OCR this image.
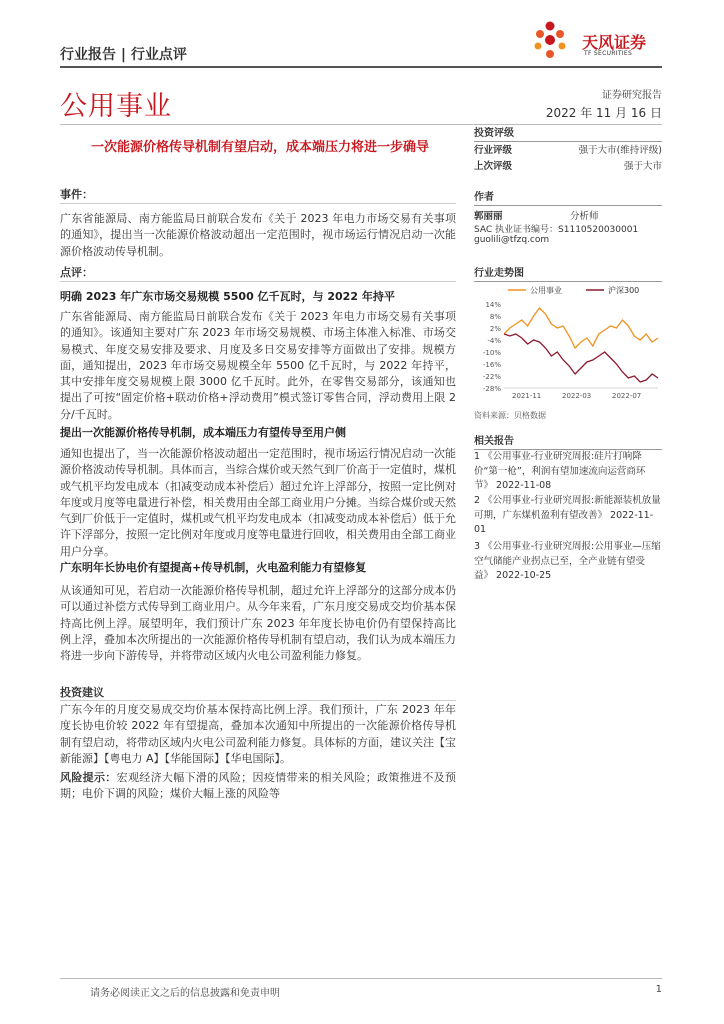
行业报告 | 行业点评
天风证券
TF SECURITIES
公用事业	证券研究报告
2022 年 11 月 16 日
一次能源价格传导机制有望启动，成本端压力将进一步确导
事件：
广东省能源局、南方能监局日前联合发布《关于 2023 年电力市场交易有关事项的通知》，提出当一次能源价格波动超出一定范围时，视市场运行情况启动一次能源价格波动传导机制。
点评：
明确 2023 年广东市场交易规模 5500 亿千瓦时，与 2022 年持平
广东省能源局、南方能监局日前联合发布《关于 2023 年电力市场交易有关事项的通知》。该通知主要对广东 2023 年市场交易规模、市场主体准入标准、市场交易模式、年度交易安排及要求、月度及多日交易安排等方面做出了安排。规模方面，通知提出，2023 年市场交易规模全年 5500 亿千瓦时，与 2022 年持平，其中安排年度交易规模上限 3000 亿千瓦时。此外，在零售交易部分，该通知也提出了可按“固定价格+联动价格+浮动费用”模式签订零售合同，浮动费用上限 2 分/千瓦时。
提出一次能源价格传导机制，成本端压力有望传导至用户侧
通知也提出了，当一次能源价格波动超出一定范围时，视市场运行情况启动一次能源价格波动传导机制。具体而言，当综合煤价或天然气到厂价高于一定值时，煤机或气机平均发电成本（扣减变动成本补偿后）超过允许上浮部分，按照一定比例对年度或月度等电量进行补偿，相关费用由全部工商业用户分摊。当综合煤价或天然气到厂价低于一定值时，煤机或气机平均发电成本（扣减变动成本补偿后）低于允许下浮部分，按照一定比例对年度或月度等电量进行回收，相关费用由全部工商业用户分享。
广东明年长协电价有望提高+传导机制，火电盈利能力有望修复
从该通知可见，若启动一次能源价格传导机制，超过允许上浮部分的这部分成本仍可以通过补偿方式传导到工商业用户。从今年来看，广东月度交易成交均价基本保持高比例上浮。展望明年，我们预计广东 2023 年年度长协电价仍有望保持高比例上浮，叠加本次所提出的一次能源价格传导机制有望启动，我们认为成本端压力将进一步向下游传导，并将带动区域内火电公司盈利能力修复。
投资建议
广东今年的月度交易成交均价基本保持高比例上浮。我们预计，广东 2023 年年度长协电价较 2022 年有望提高，叠加本次通知中所提出的一次能源价格传导机制有望启动，将带动区域内火电公司盈利能力修复。具体标的方面，建议关注【宝新能源】【粤电力 A】【华能国际】【华电国际】。
风险提示：宏观经济大幅下滑的风险；因疫情带来的相关风险；政策推进不及预期；电价下调的风险；煤价大幅上涨的风险等
投资评级
行业评级	强于大市(维持评级)
上次评级	强于大市
作者
郭丽丽	分析师
SAC 执业证书编号：S1110520030001
guolili@tfzq.com
行业走势图
公用事业	沪深300
14%
8%
2%
-4%
-10%
-16%
-22%
-28%
2021-11	2022-03	2022-07
资料来源：贝格数据
相关报告
1 《公用事业-行业研究周报:硅片打响降价“第一枪”，利润有望加速流向运营商环节》 2022-11-08
2 《公用事业-行业研究周报:新能源装机放量可期，广东煤机盈利有望改善》 2022-11-01
3 《公用事业-行业研究周报:公用事业—压缩空气储能产业拐点已至，全产业链有望受益》 2022-10-25
请务必阅读正文之后的信息披露和免责申明	1
